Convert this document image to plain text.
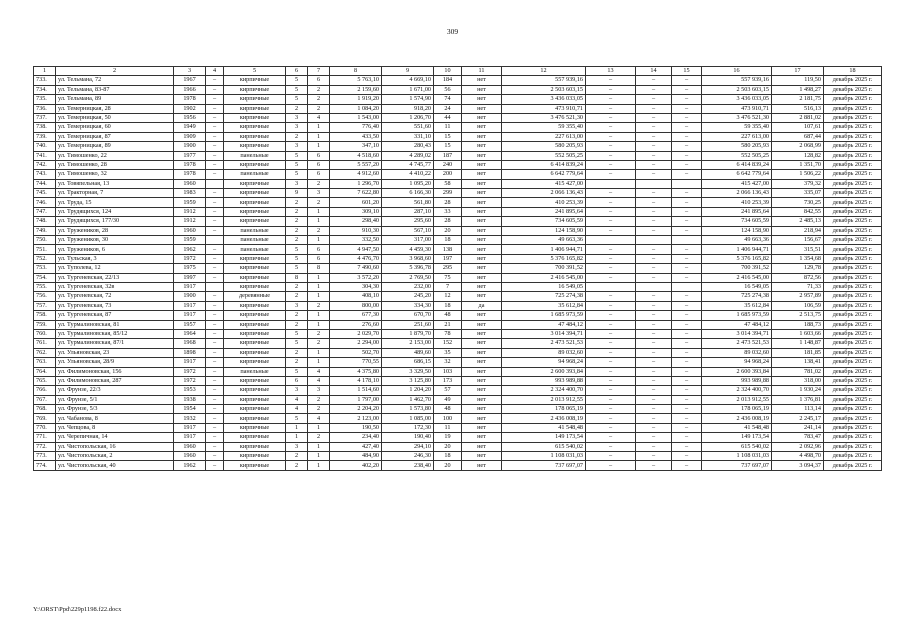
309
1	2	3	4	5	6	7	8	9	10	11	12	13	14	15	16	17	18
733.	ул. Тельмана, 72	1967	–	кирпичные	5	6	5 763,10	4 669,10	184	нет	557 939,16	–	–	–	557 939,16	119,50	декабрь 2025 г.
734.	ул. Тельмана, 83-87	1966	–	кирпичные	5	2	2 159,60	1 671,00	56	нет	2 503 603,15	–	–	–	2 503 603,15	1 498,27	декабрь 2025 г.
735.	ул. Тельмана, 89	1978	–	кирпичные	5	2	1 919,20	1 574,90	74	нет	3 436 033,05	–	–	–	3 436 033,05	2 181,75	декабрь 2025 г.
736.	ул. Темерницкая, 28	1902	–	кирпичные	2	2	1 084,20	918,20	24	нет	473 910,71	–	–	–	473 910,71	516,13	декабрь 2025 г.
737.	ул. Темерницкая, 50	1956	–	кирпичные	3	4	1 543,00	1 206,70	44	нет	3 476 521,30	–	–	–	3 476 521,30	2 881,02	декабрь 2025 г.
738.	ул. Темерницкая, 60	1949	–	кирпичные	3	1	776,40	551,60	11	нет	59 355,40	–	–	–	59 355,40	107,61	декабрь 2025 г.
739.	ул. Темерницкая, 87	1909	–	кирпичные	2	1	433,50	331,10	15	нет	227 613,00	–	–	–	227 613,00	687,44	декабрь 2025 г.
740.	ул. Темерницкая, 89	1900	–	кирпичные	3	1	347,10	280,43	15	нет	580 205,93	–	–	–	580 205,93	2 068,99	декабрь 2025 г.
741.	ул. Тимошенко, 22	1977	–	панельные	5	6	4 518,60	4 289,02	187	нет	552 505,25	–	–	–	552 505,25	128,82	декабрь 2025 г.
742.	ул. Тимошенко, 28	1978	–	кирпичные	5	6	5 557,20	4 745,77	240	нет	6 414 839,24	–	–	–	6 414 839,24	1 351,70	декабрь 2025 г.
743.	ул. Тимошенко, 32	1978	–	панельные	5	6	4 912,60	4 410,22	200	нет	6 642 779,64	–	–	–	6 642 779,64	1 506,22	декабрь 2025 г.
744.	ул. Товяпельная, 13	1960		кирпичные	3	2	1 296,70	1 095,20	58	нет	415 427,00				415 427,00	379,32	декабрь 2025 г.
745.	ул. Тракторная, 7	1983	–	кирпичные	9	3	7 622,80	6 166,30	299	нет	2 066 136,43	–	–	–	2 066 136,43	335,07	декабрь 2025 г.
746.	ул. Труда, 15	1959	–	кирпичные	2	2	601,20	561,80	28	нет	410 253,39	–	–	–	410 253,39	730,25	декабрь 2025 г.
747.	ул. Трудящихся, 124	1912	–	кирпичные	2	1	309,10	287,10	33	нет	241 895,64	–	–	–	241 895,64	842,55	декабрь 2025 г.
748.	ул. Трудящихся, 177/30	1912	–	кирпичные	2	1	298,40	295,60	28	нет	734 605,59	–	–	–	734 605,59	2 485,13	декабрь 2025 г.
749.	ул. Тружеников, 28	1960	–	панельные	2	2	910,30	567,10	20	нет	124 158,90	–	–	–	124 158,90	218,94	декабрь 2025 г.
750.	ул. Тружеников, 30	1959		панельные	2	1	332,50	317,00	18	нет	49 663,36				49 663,36	156,67	декабрь 2025 г.
751.	ул. Тружеников, 6	1962	–	панельные	5	6	4 947,50	4 459,30	138	нет	1 406 944,71	–	–	–	1 406 944,71	315,51	декабрь 2025 г.
752.	ул. Тульская, 3	1972	–	кирпичные	5	6	4 476,70	3 968,60	197	нет	5 376 165,82	–	–	–	5 376 165,82	1 354,68	декабрь 2025 г.
753.	ул. Туполева, 12	1975	–	кирпичные	5	8	7 490,60	5 396,78	295	нет	700 391,52	–	–	–	700 391,52	129,78	декабрь 2025 г.
754.	ул. Тургеневская, 22/13	1997	–	кирпичные	8	1	3 572,20	2 769,50	75	нет	2 416 545,00	–	–	–	2 416 545,00	872,56	декабрь 2025 г.
755.	ул. Тургеневская, 32в	1917		кирпичные	2	1	304,30	232,00	7	нет	16 549,05				16 549,05	71,33	декабрь 2025 г.
756.	ул. Тургеневская, 72	1900	–	деревянные	2	1	408,10	245,20	12	нет	725 274,38	–	–	–	725 274,38	2 957,89	декабрь 2025 г.
757.	ул. Тургеневская, 73	1917	–	кирпичные	3	2	800,00	334,30	18	да	35 612,84	–	–	–	35 612,84	106,59	декабрь 2025 г.
758.	ул. Тургеневская, 87	1917	–	кирпичные	2	1	677,30	670,70	48	нет	1 685 973,59	–	–	–	1 685 973,59	2 513,75	декабрь 2025 г.
759.	ул. Турмалиновская, 81	1957	–	кирпичные	2	1	276,60	251,60	21	нет	47 484,12	–	–	–	47 484,12	188,73	декабрь 2025 г.
760.	ул. Турмалиновская, 85/12	1964	–	кирпичные	5	2	2 029,70	1 879,70	78	нет	3 014 394,71	–	–	–	3 014 394,71	1 603,66	декабрь 2025 г.
761.	ул. Турмалиновская, 87/1	1968	–	кирпичные	5	2	2 294,00	2 153,00	152	нет	2 473 521,53	–	–	–	2 473 521,53	1 148,87	декабрь 2025 г.
762.	ул. Ульяновская, 23	1898	–	кирпичные	2	1	502,70	489,60	35	нет	89 032,60	–	–	–	89 032,60	181,85	декабрь 2025 г.
763.	ул. Ульяновская, 28/9	1917	–	кирпичные	2	1	770,55	686,15	32	нет	94 968,24	–	–	–	94 968,24	138,41	декабрь 2025 г.
764.	ул. Филимоновская, 156	1972	–	панельные	5	4	4 375,80	3 329,50	103	нет	2 600 393,84	–	–	–	2 600 393,84	781,02	декабрь 2025 г.
765.	ул. Филимоновская, 287	1972	–	кирпичные	6	4	4 178,10	3 125,80	173	нет	993 989,88	–	–	–	993 989,88	318,00	декабрь 2025 г.
766.	ул. Фрунзе, 22/3	1953	–	кирпичные	3	3	1 514,60	1 204,20	57	нет	2 324 400,70	–	–	–	2 324 400,70	1 930,24	декабрь 2025 г.
767.	ул. Фрунзе, 5/1	1938	–	кирпичные	4	2	1 797,00	1 462,70	49	нет	2 013 912,55	–	–	–	2 013 912,55	1 376,81	декабрь 2025 г.
768.	ул. Фрунзе, 5/3	1954	–	кирпичные	4	2	2 204,20	1 573,80	48	нет	178 065,19	–	–	–	178 065,19	113,14	декабрь 2025 г.
769.	ул. Чабанова, 8	1932	–	кирпичные	5	4	2 123,00	1 085,00	100	нет	2 436 008,19	–	–	–	2 436 008,19	2 245,17	декабрь 2025 г.
770.	ул. Чепцова, 8	1917	–	кирпичные	1	1	190,50	172,30	11	нет	41 548,48	–	–	–	41 548,48	241,14	декабрь 2025 г.
771.	ул. Черепичная, 14	1917	–	кирпичные	1	2	234,40	190,40	19	нет	149 173,54	–	–	–	149 173,54	783,47	декабрь 2025 г.
772.	ул. Чистопольская, 16	1960	–	кирпичные	3	1	427,40	294,10	20	нет	615 540,02	–	–	–	615 540,02	2 092,96	декабрь 2025 г.
773.	ул. Чистопольская, 2	1960	–	кирпичные	2	1	484,90	246,30	18	нет	1 108 031,03	–	–	–	1 108 031,03	4 498,70	декабрь 2025 г.
774.	ул. Чистопольская, 40	1962	–	кирпичные	2	1	402,20	238,40	20	нет	737 697,07	–	–	–	737 697,07	3 094,37	декабрь 2025 г.
Y:\ORST\Ppd\229p1198.f22.docx
